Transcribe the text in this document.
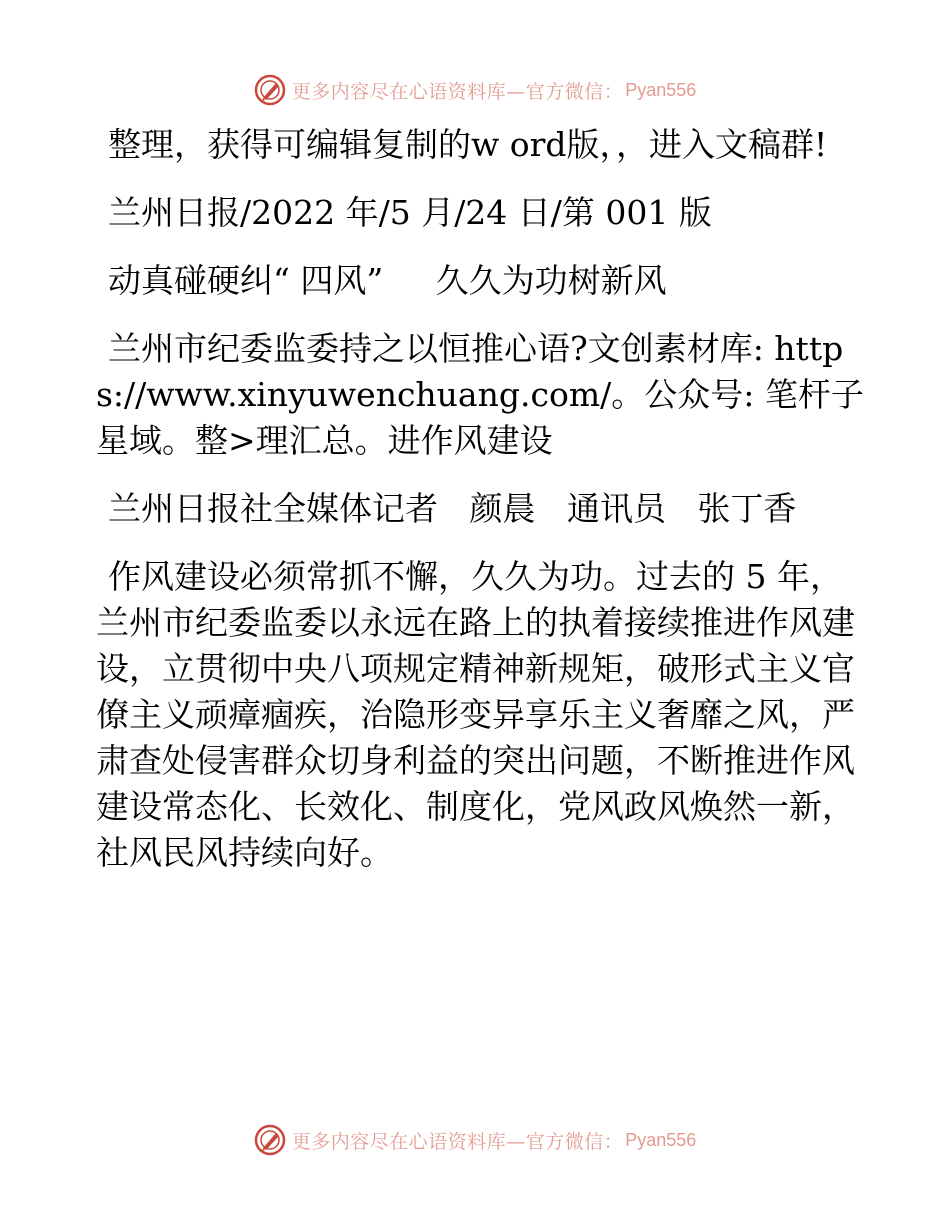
更多内容尽在心语资料库—官方微信： Pyan556

整理，获得可编辑复制的w ord版，，进入文稿群!

兰州日报/2022 年/5 月/24 日/第 001 版

动真碰硬纠“ 四风”     久久为功树新风

兰州市纪委监委持之以恒推心语?文创素材库: https://www.xinyuwenchuang.com/。公众号: 笔杆子星域。整>理汇总。进作风建设

兰州日报社全媒体记者   颜晨   通讯员   张丁香

作风建设必须常抓不懈，久久为功。过去的 5 年，兰州市纪委监委以永远在路上的执着接续推进作风建设，立贯彻中央八项规定精神新规矩，破形式主义官僚主义顽瘴痼疾，治隐形变异享乐主义奢靡之风，严肃查处侵害群众切身利益的突出问题，不断推进作风建设常态化、长效化、制度化，党风政风焕然一新，社风民风持续向好。

更多内容尽在心语资料库—官方微信： Pyan556
